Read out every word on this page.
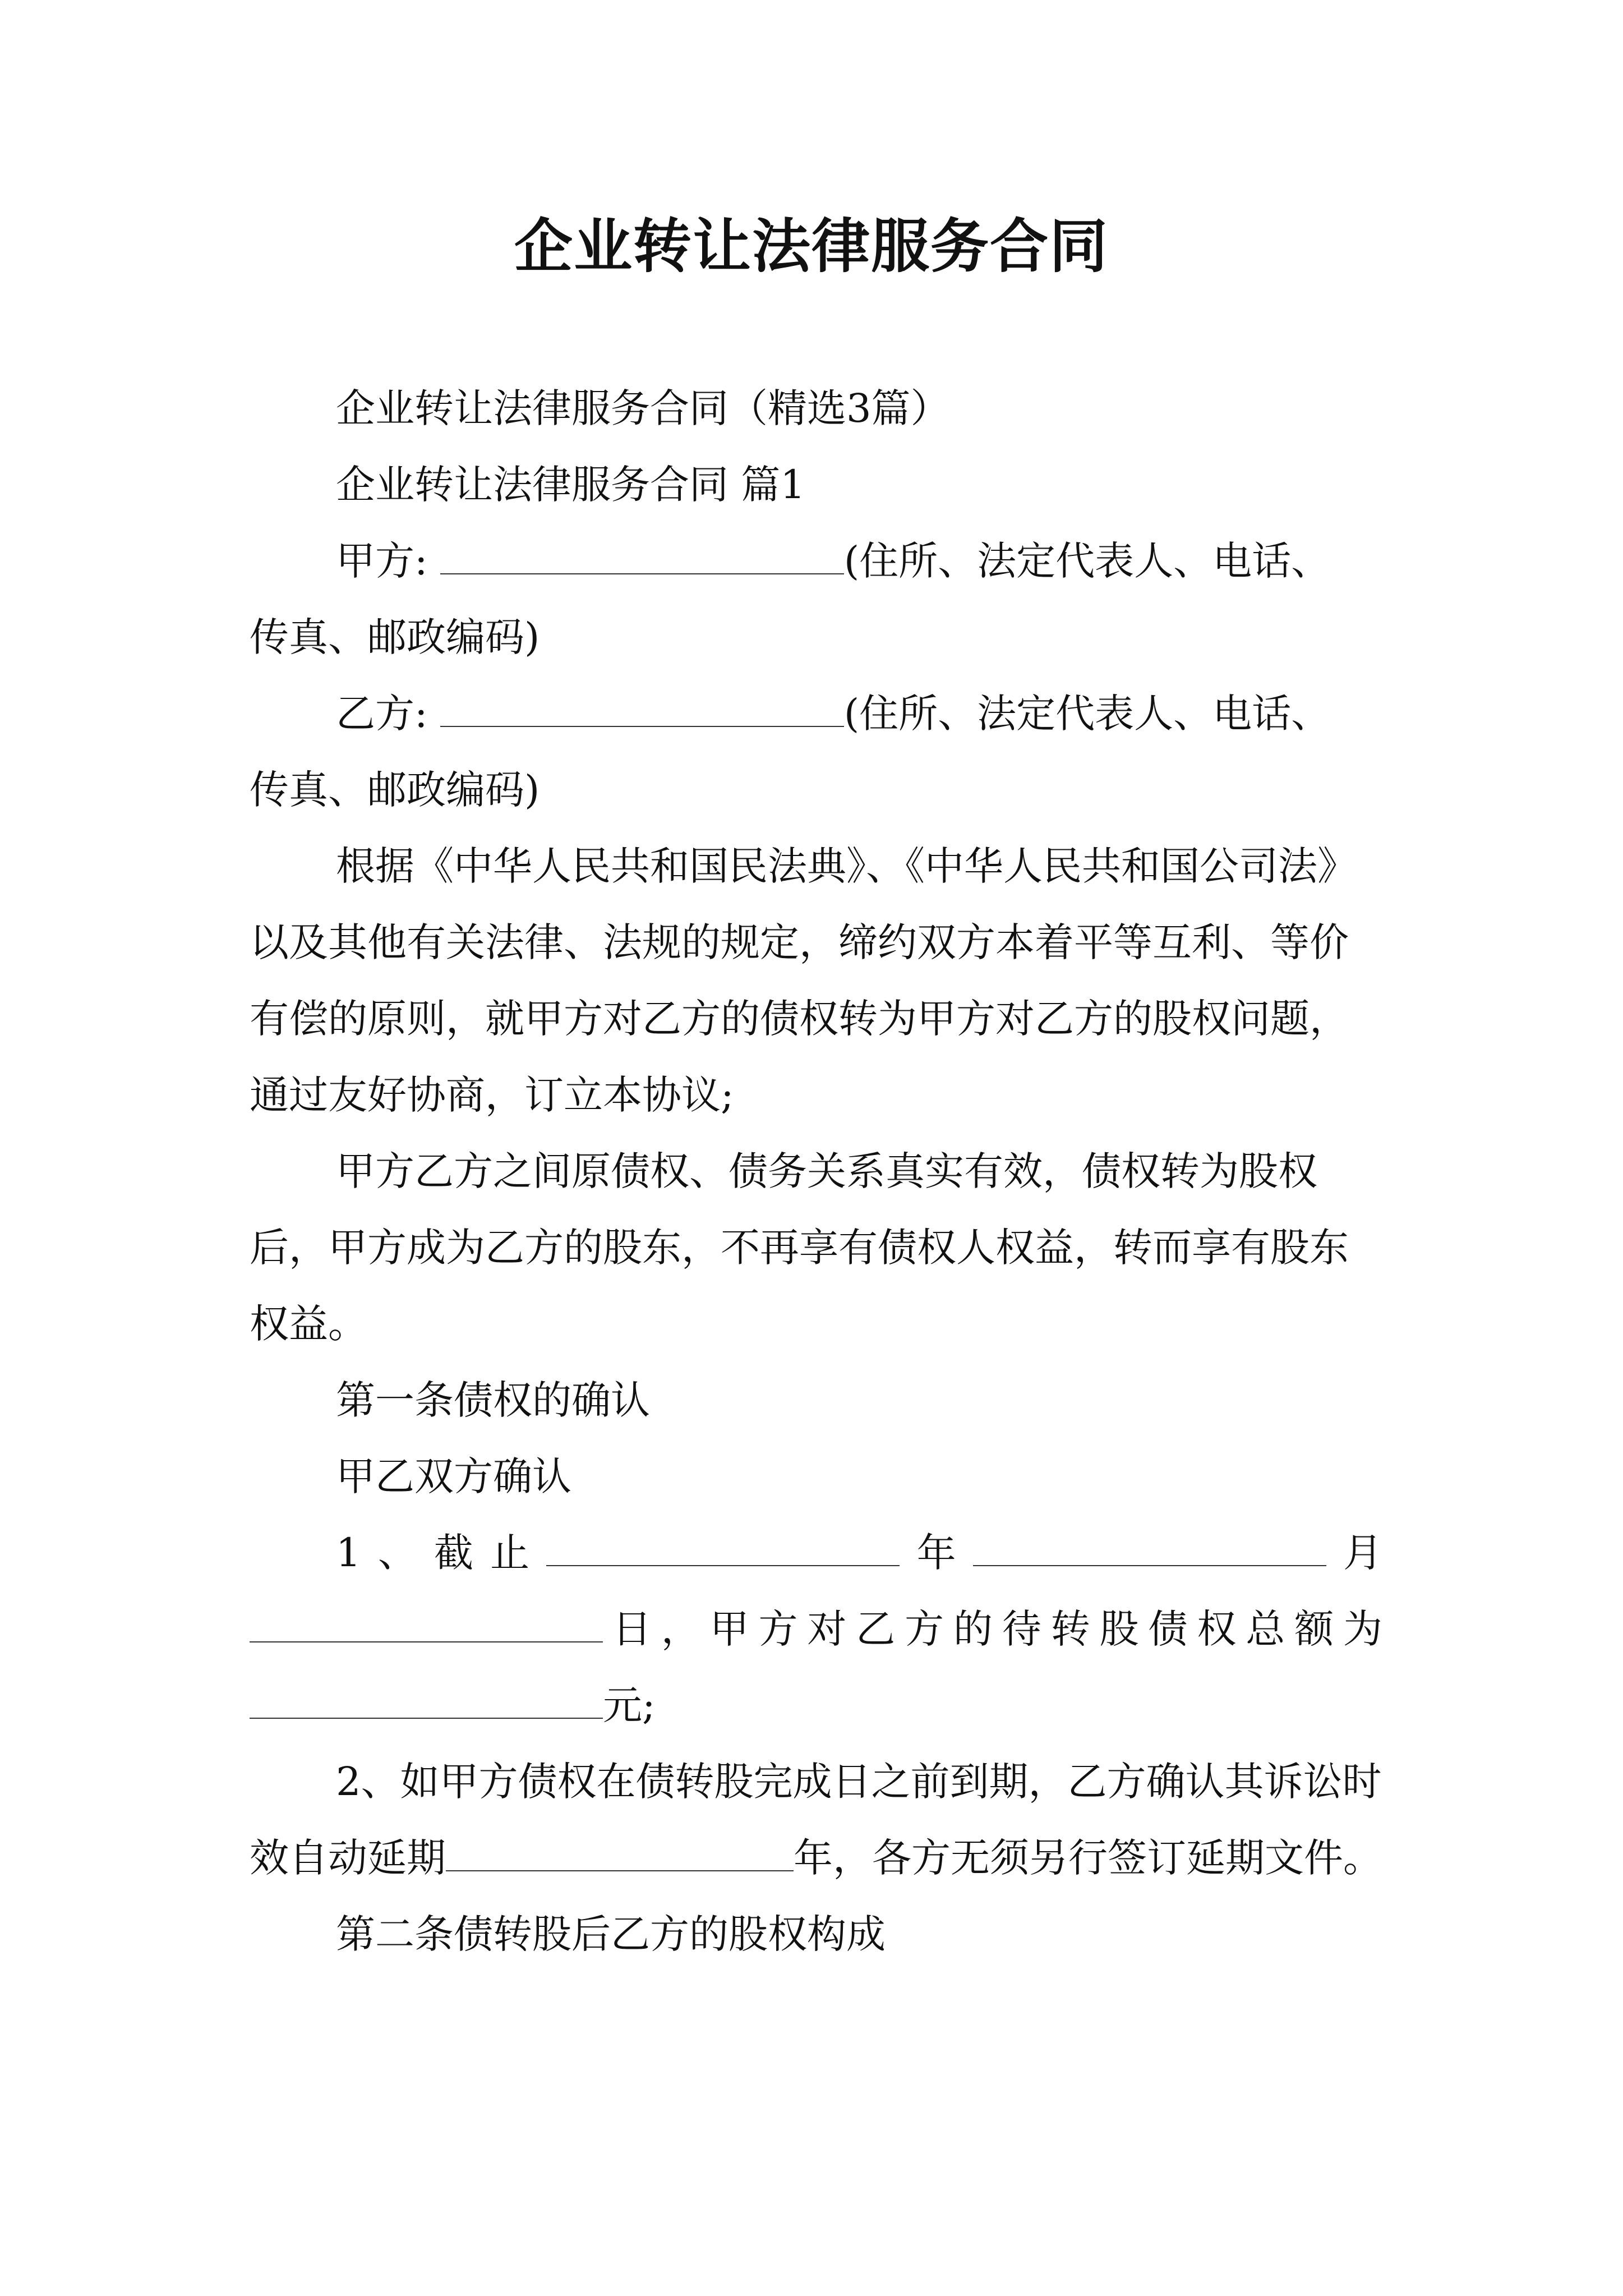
企业转让法律服务合同

企业转让法律服务合同（精选3篇）

企业转让法律服务合同 篇1

甲方:	(住所、法定代表人、电话、

传真、邮政编码)

乙方:	(住所、法定代表人、电话、

传真、邮政编码)

根据《中华人民共和国民法典》、《中华人民共和国公司法》以及其他有关法律、法规的规定，缔约双方本着平等互利、等价有偿的原则，就甲方对乙方的债权转为甲方对乙方的股权问题，通过友好协商，订立本协议;

甲方乙方之间原债权、债务关系真实有效，债权转为股权后，甲方成为乙方的股东，不再享有债权人权益，转而享有股东权益。

第一条债权的确认

甲乙双方确认

1、截止	年	月

日，甲方对乙方的待转股债权总额为

元;

2、如甲方债权在债转股完成日之前到期，乙方确认其诉讼时效自动延期	年，各方无须另行签订延期文件。

第二条债转股后乙方的股权构成
